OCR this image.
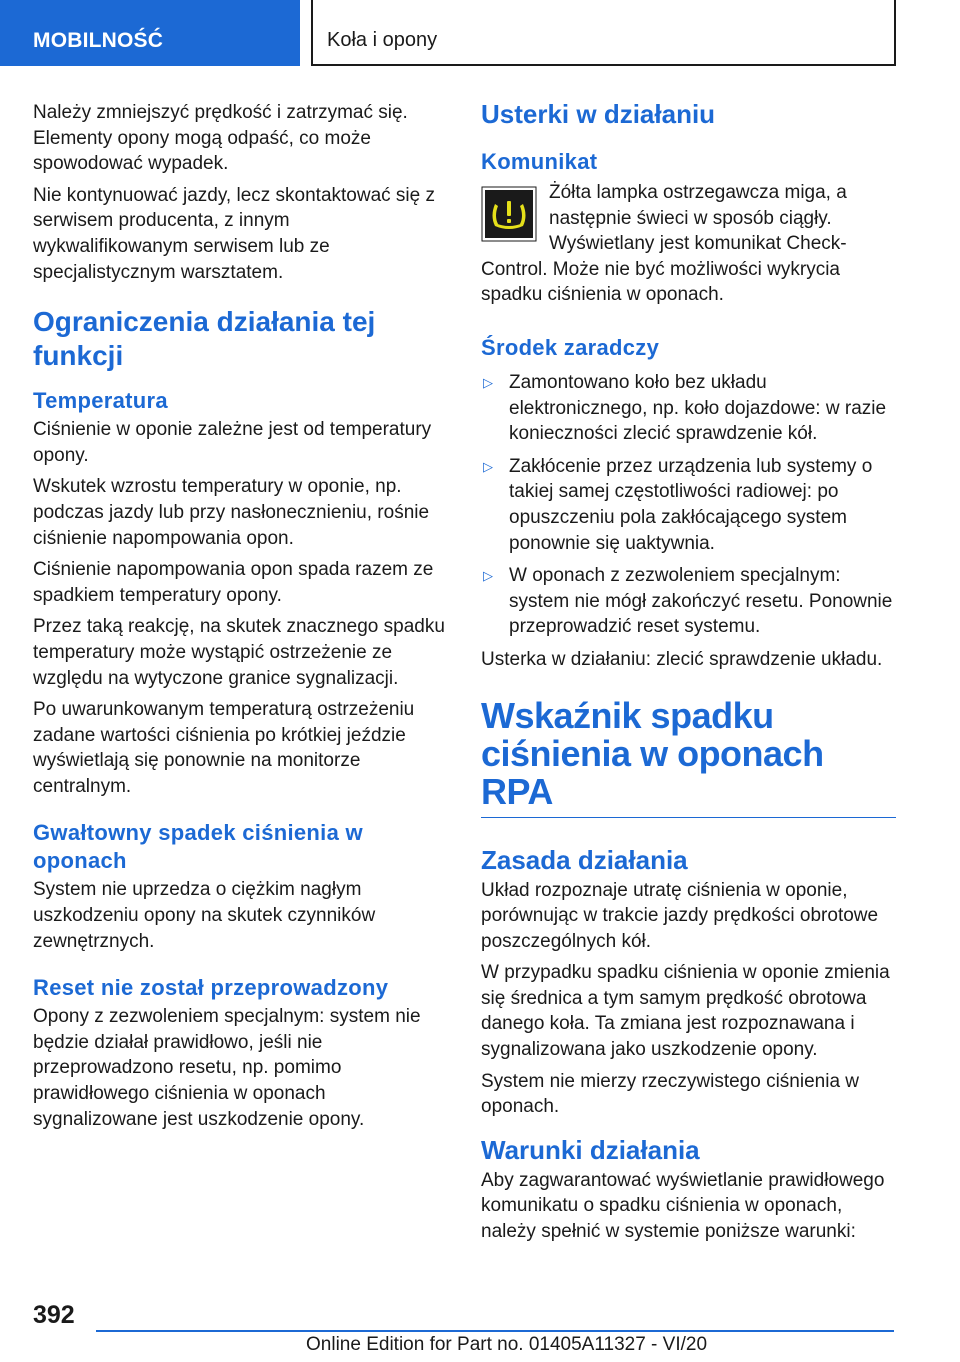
MOBILNOŚĆ	Koła i opony

Należy zmniejszyć prędkość i zatrzymać się. Elementy opony mogą odpaść, co może spowodować wypadek.

Nie kontynuować jazdy, lecz skontaktować się z serwisem producenta, z innym wykwalifikowanym serwisem lub ze specjalistycznym warsztatem.

Ograniczenia działania tej funkcji
Temperatura

Ciśnienie w oponie zależne jest od temperatury opony.

Wskutek wzrostu temperatury w oponie, np. podczas jazdy lub przy nasłonecznieniu, rośnie ciśnienie napompowania opon.

Ciśnienie napompowania opon spada razem ze spadkiem temperatury opony.

Przez taką reakcję, na skutek znacznego spadku temperatury może wystąpić ostrzeżenie ze względu na wytyczone granice sygnalizacji.

Po uwarunkowanym temperaturą ostrzeżeniu zadane wartości ciśnienia po krótkiej jeździe wyświetlają się ponownie na monitorze centralnym.

Gwałtowny spadek ciśnienia w oponach

System nie uprzedza o ciężkim nagłym uszkodzeniu opony na skutek czynników zewnętrznych.

Reset nie został przeprowadzony

Opony z zezwoleniem specjalnym: system nie będzie działał prawidłowo, jeśli nie przeprowadzono resetu, np. pomimo prawidłowego ciśnienia w oponach sygnalizowane jest uszkodzenie opony.

Usterki w działaniu
Komunikat

Żółta lampka ostrzegawcza miga, a następnie świeci w sposób ciągły. Wyświetlany jest komunikat Check-Control. Może nie być możliwości wykrycia spadku ciśnienia w oponach.

Środek zaradczy
▷ Zamontowano koło bez układu elektronicznego, np. koło dojazdowe: w razie konieczności zlecić sprawdzenie kół.
▷ Zakłócenie przez urządzenia lub systemy o takiej samej częstotliwości radiowej: po opuszczeniu pola zakłócającego system ponownie się uaktywnia.
▷ W oponach z zezwoleniem specjalnym: system nie mógł zakończyć resetu. Ponownie przeprowadzić reset systemu.

Usterka w działaniu: zlecić sprawdzenie układu.

Wskaźnik spadku ciśnienia w oponach RPA
Zasada działania

Układ rozpoznaje utratę ciśnienia w oponie, porównując w trakcie jazdy prędkości obrotowe poszczególnych kół.

W przypadku spadku ciśnienia w oponie zmienia się średnica a tym samym prędkość obrotowa danego koła. Ta zmiana jest rozpoznawana i sygnalizowana jako uszkodzenie opony.

System nie mierzy rzeczywistego ciśnienia w oponach.

Warunki działania

Aby zagwarantować wyświetlanie prawidłowego komunikatu o spadku ciśnienia w oponach, należy spełnić w systemie poniższe warunki:

392
Online Edition for Part no. 01405A11327 - VI/20
